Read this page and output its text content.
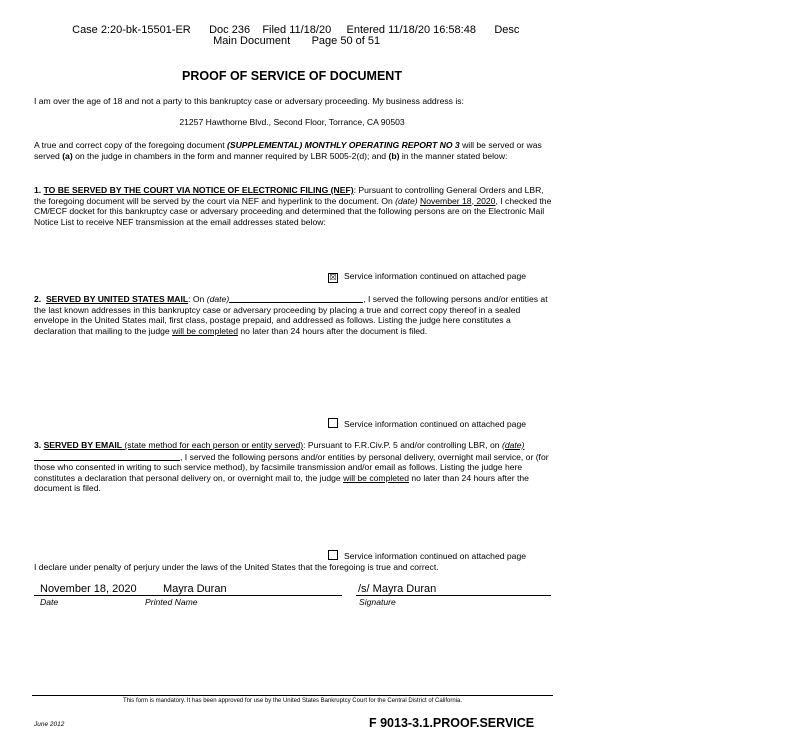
Case 2:20-bk-15501-ER Doc 236 Filed 11/18/20 Entered 11/18/20 16:58:48 Desc

Main Document Page 50 of 51

PROOF OF SERVICE OF DOCUMENT
I am over the age of 18 and not a party to this bankruptcy case or adversary proceeding. My business address is:
21257 Hawthorne Blvd., Second Floor, Torrance, CA 90503
A true and correct copy of the foregoing document (SUPPLEMENTAL) MONTHLY OPERATING REPORT NO 3 will be served or was served (a) on the judge in chambers in the form and manner required by LBR 5005-2(d); and (b) in the manner stated below:
1. TO BE SERVED BY THE COURT VIA NOTICE OF ELECTRONIC FILING (NEF): Pursuant to controlling General Orders and LBR, the foregoing document will be served by the court via NEF and hyperlink to the document. On (date) November 18, 2020, I checked the CM/ECF docket for this bankruptcy case or adversary proceeding and determined that the following persons are on the Electronic Mail Notice List to receive NEF transmission at the email addresses stated below:
☒ Service information continued on attached page
2. SERVED BY UNITED STATES MAIL: On (date)	, I served the following persons and/or entities at the last known addresses in this bankruptcy case or adversary proceeding by placing a true and correct copy thereof in a sealed envelope in the United States mail, first class, postage prepaid, and addressed as follows. Listing the judge here constitutes a declaration that mailing to the judge will be completed no later than 24 hours after the document is filed.
Service information continued on attached page
3. SERVED BY EMAIL (state method for each person or entity served): Pursuant to F.R.Civ.P. 5 and/or controlling LBR, on (date), I served the following persons and/or entities by personal delivery, overnight mail service, or (for those who consented in writing to such service method), by facsimile transmission and/or email as follows. Listing the judge here constitutes a declaration that personal delivery on, or overnight mail to, the judge will be completed no later than 24 hours after the document is filed.
Service information continued on attached page
I declare under penalty of perjury under the laws of the United States that the foregoing is true and correct.
November 18, 2020 Mayra Duran	/s/ Mayra Duran
Date	Printed Name	Signature
This form is mandatory. It has been approved for use by the United States Bankruptcy Court for the Central District of California.
June 2012	F 9013-3.1.PROOF.SERVICE
